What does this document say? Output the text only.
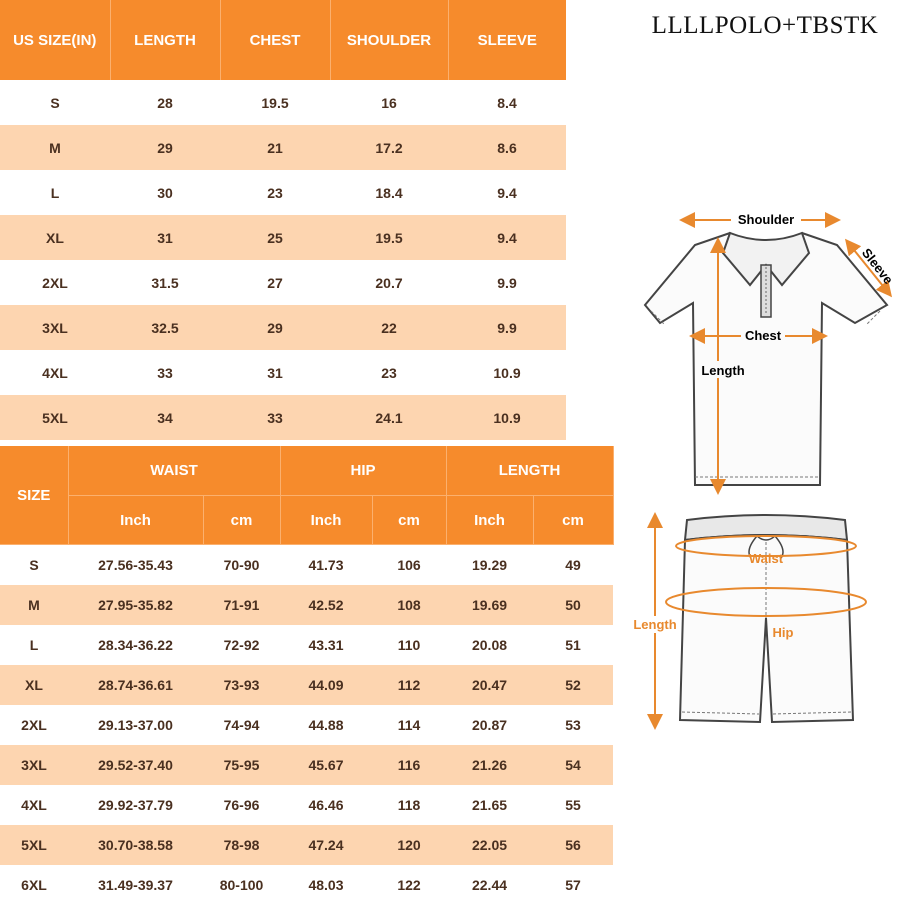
LLLLPOLO+TBSTK
US SIZE(IN)	LENGTH	CHEST	SHOULDER	SLEEVE
S	28	19.5	16	8.4
M	29	21	17.2	8.6
L	30	23	18.4	9.4
XL	31	25	19.5	9.4
2XL	31.5	27	20.7	9.9
3XL	32.5	29	22	9.9
4XL	33	31	23	10.9
5XL	34	33	24.1	10.9
SIZE	WAIST		HIP		LENGTH	
	Inch	cm	Inch	cm	Inch	cm
S	27.56-35.43	70-90	41.73	106	19.29	49
M	27.95-35.82	71-91	42.52	108	19.69	50
L	28.34-36.22	72-92	43.31	110	20.08	51
XL	28.74-36.61	73-93	44.09	112	20.47	52
2XL	29.13-37.00	74-94	44.88	114	20.87	53
3XL	29.52-37.40	75-95	45.67	116	21.26	54
4XL	29.92-37.79	76-96	46.46	118	21.65	55
5XL	30.70-38.58	78-98	47.24	120	22.05	56
6XL	31.49-39.37	80-100	48.03	122	22.44	57
Shoulder
Sleeve
Chest
Length
Waist
Length
Hip
